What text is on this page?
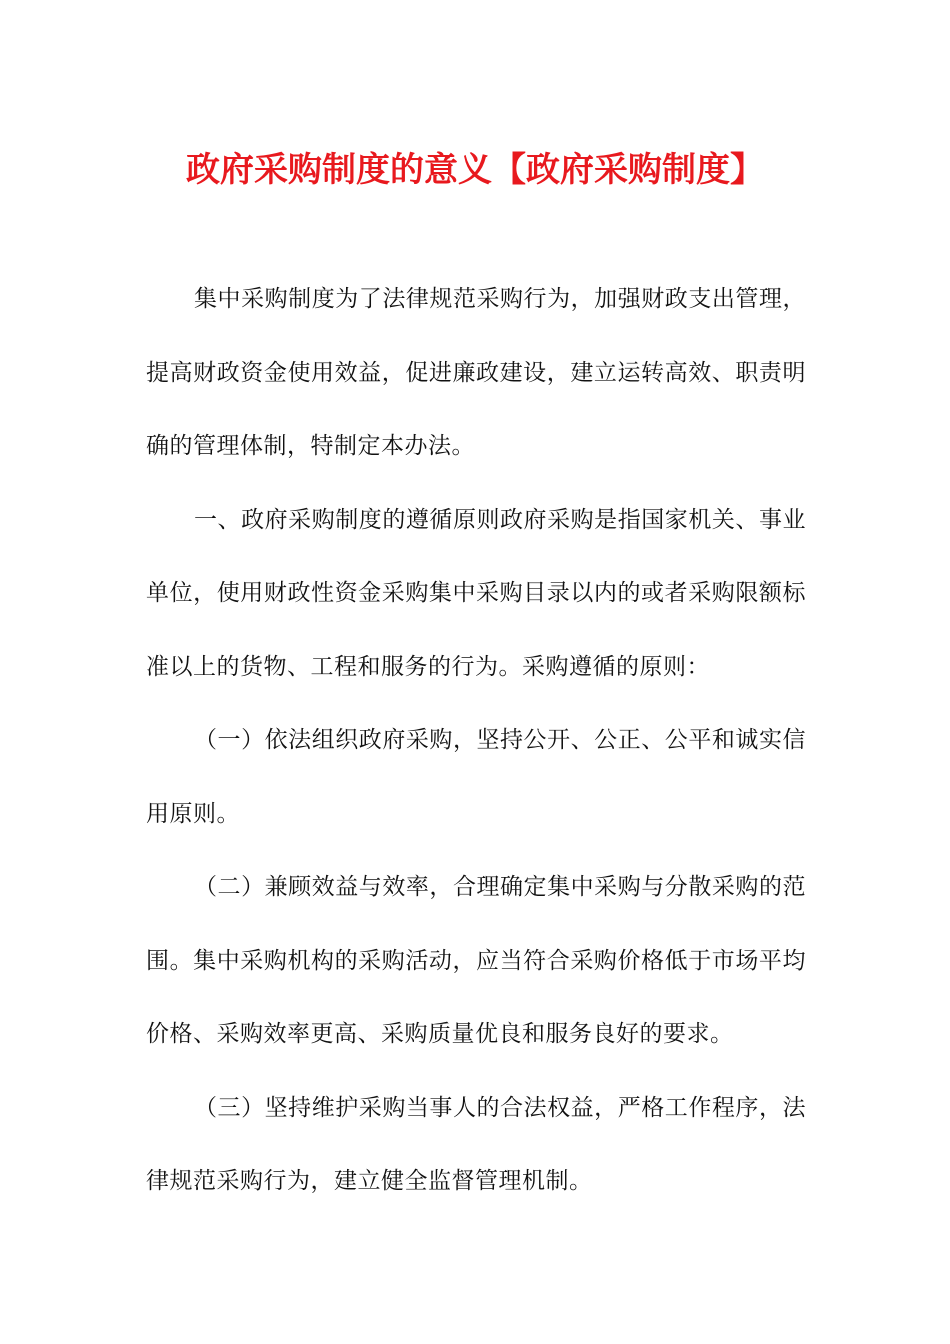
政府采购制度的意义【政府采购制度】

集中采购制度为了法律规范采购行为，加强财政支出管理，提高财政资金使用效益，促进廉政建设，建立运转高效、职责明确的管理体制，特制定本办法。

一、政府采购制度的遵循原则政府采购是指国家机关、事业单位，使用财政性资金采购集中采购目录以内的或者采购限额标准以上的货物、工程和服务的行为。采购遵循的原则：

（一）依法组织政府采购，坚持公开、公正、公平和诚实信用原则。

（二）兼顾效益与效率，合理确定集中采购与分散采购的范围。集中采购机构的采购活动，应当符合采购价格低于市场平均价格、采购效率更高、采购质量优良和服务良好的要求。

（三）坚持维护采购当事人的合法权益，严格工作程序，法律规范采购行为，建立健全监督管理机制。
